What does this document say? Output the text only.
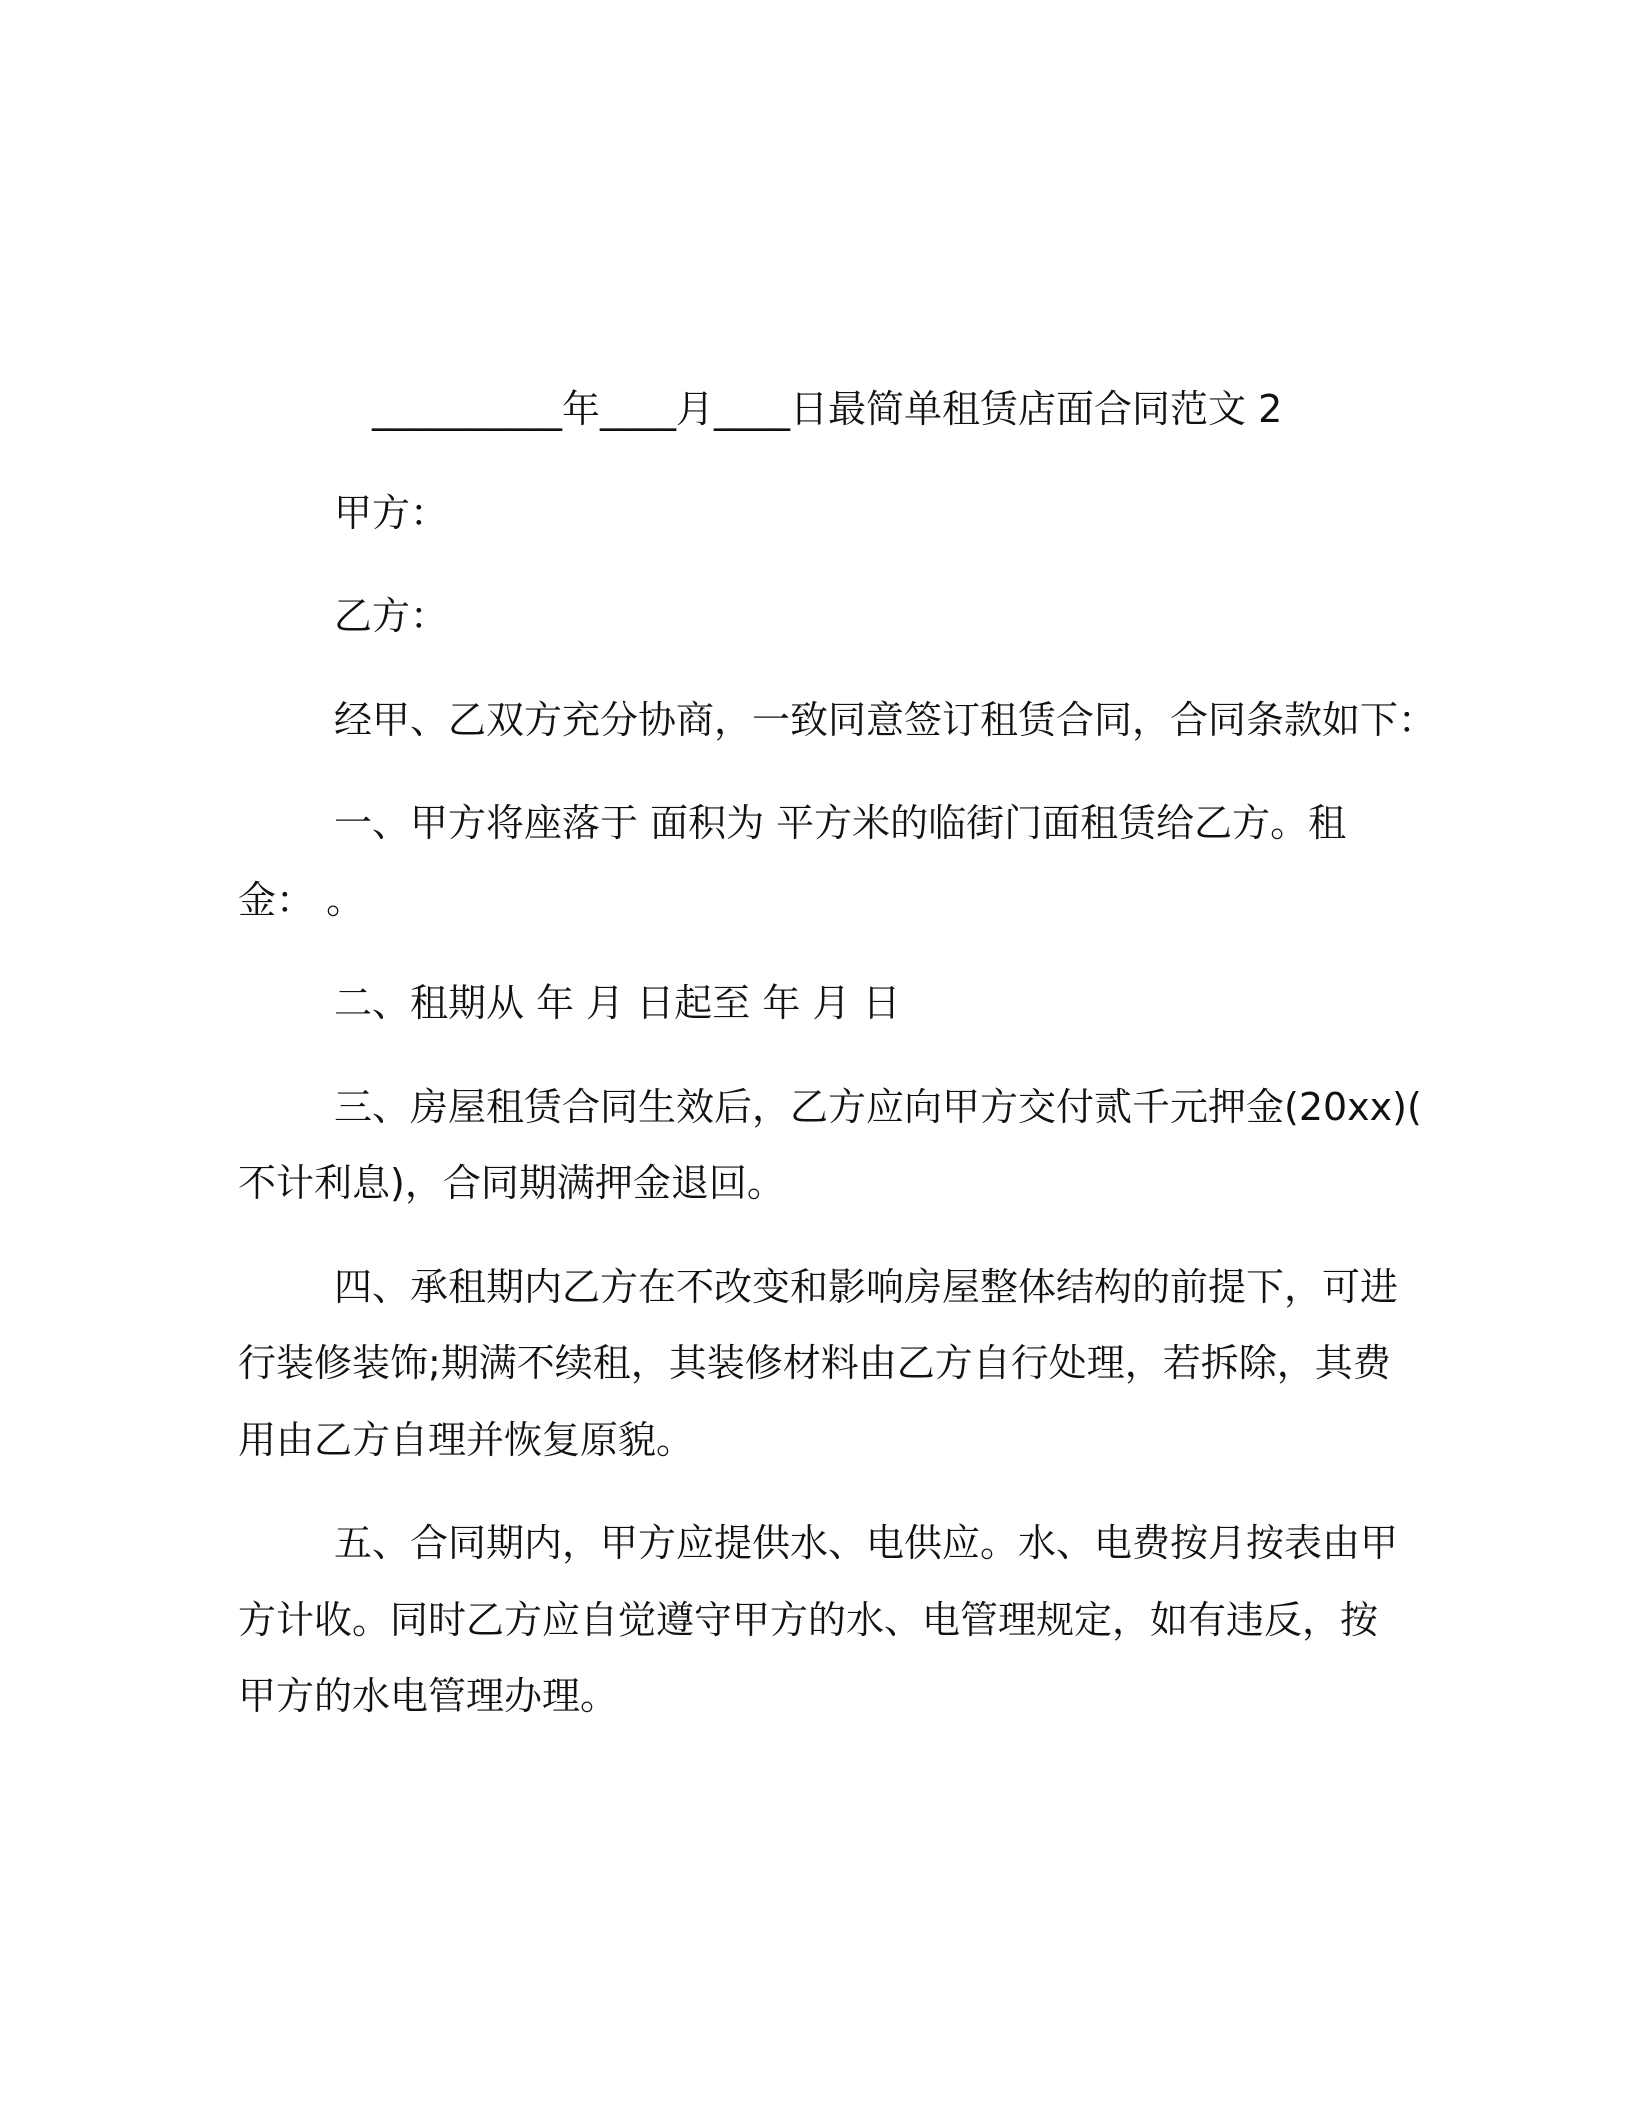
__________年____月____日最简单租赁店面合同范文 2
甲方：
乙方：
经甲、乙双方充分协商，一致同意签订租赁合同，合同条款如下：
一、甲方将座落于 面积为 平方米的临街门面租赁给乙方。租
金： 。
二、租期从 年 月 日起至 年 月 日
三、房屋租赁合同生效后，乙方应向甲方交付贰千元押金(20xx)(
不计利息)，合同期满押金退回。
四、承租期内乙方在不改变和影响房屋整体结构的前提下，可进
行装修装饰;期满不续租，其装修材料由乙方自行处理，若拆除，其费
用由乙方自理并恢复原貌。
五、合同期内，甲方应提供水、电供应。水、电费按月按表由甲
方计收。同时乙方应自觉遵守甲方的水、电管理规定，如有违反，按
甲方的水电管理办理。
